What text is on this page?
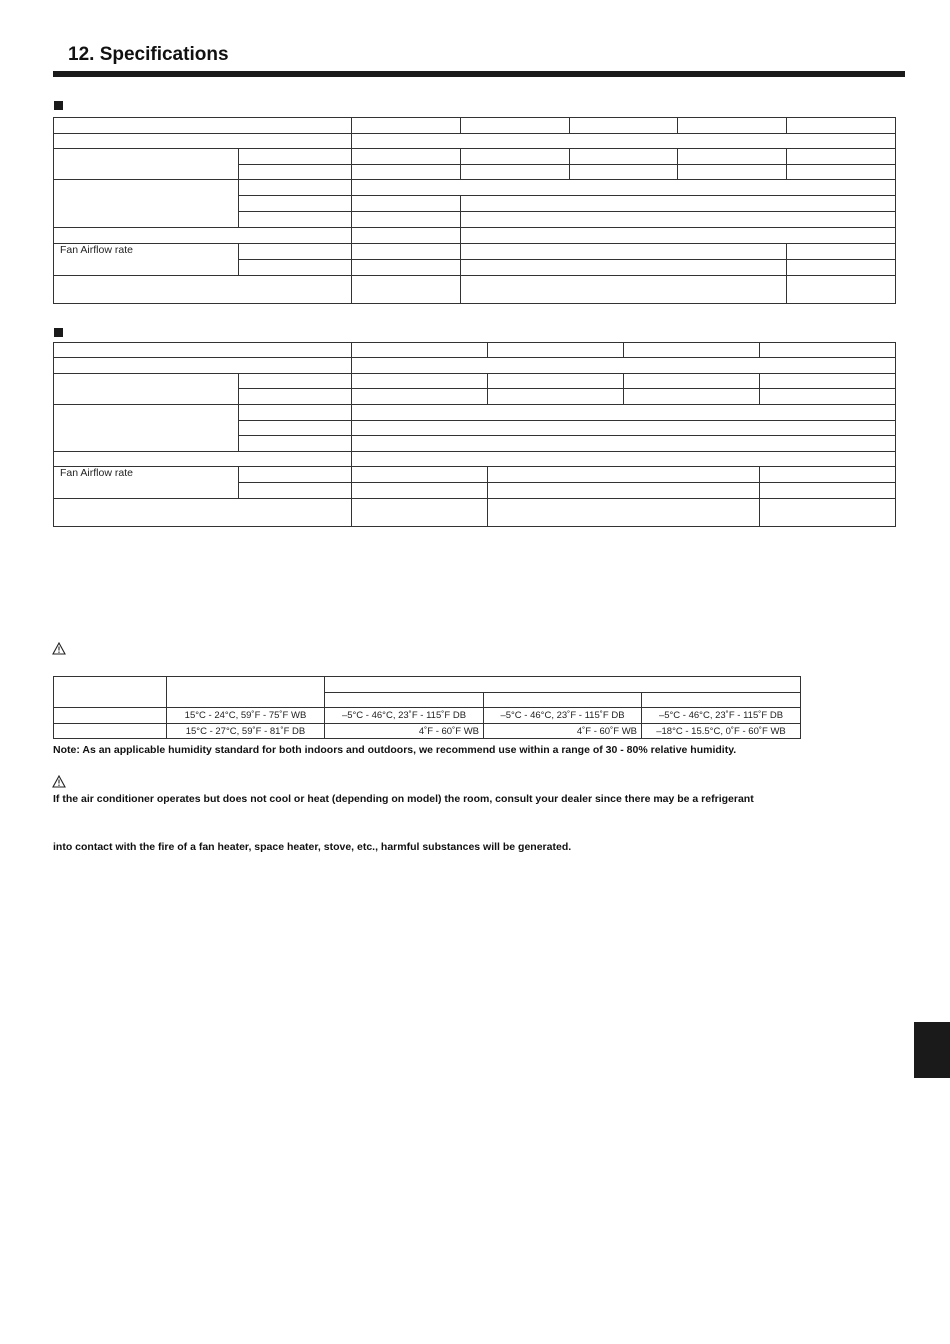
12. Specifications

Fan Airflow rate						

Fan Airflow rate					

	15°C - 24°C, 59˚F - 75˚F WB	–5°C - 46°C, 23˚F - 115˚F DB	–5°C - 46°C, 23˚F - 115˚F DB	–5°C - 46°C, 23˚F - 115˚F DB
	15°C - 27°C, 59˚F - 81˚F DB	4˚F - 60˚F WB	4˚F - 60˚F WB	–18°C - 15.5°C, 0˚F - 60˚F WB
Note: As an applicable humidity standard for both indoors and outdoors, we recommend use within a range of 30 - 80% relative humidity.
If the air conditioner operates but does not cool or heat (depending on model) the room, consult your dealer since there may be a refrigerant
into contact with the fire of a fan heater, space heater, stove, etc., harmful substances will be generated.
